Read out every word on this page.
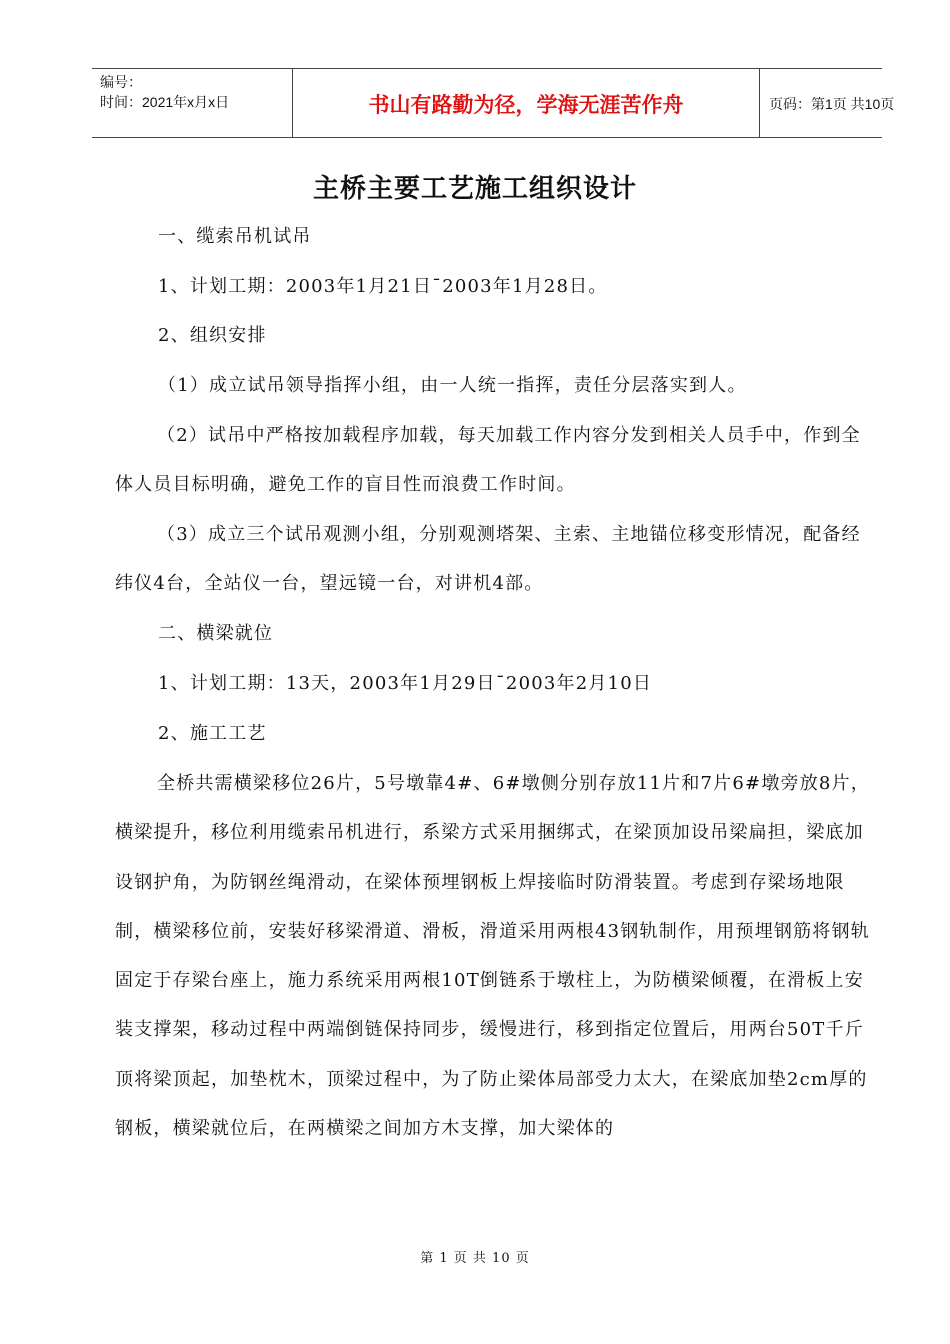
编号：
时间：2021年x月x日	书山有路勤为径，学海无涯苦作舟	页码：第1页 共10页
主桥主要工艺施工组织设计

一、缆索吊机试吊

1、计划工期：2003年1月21日¯2003年1月28日。

2、组织安排

（1）成立试吊领导指挥小组，由一人统一指挥，责任分层落实到人。

（2）试吊中严格按加载程序加载，每天加载工作内容分发到相关人员手中，作到全体人员目标明确，避免工作的盲目性而浪费工作时间。

（3）成立三个试吊观测小组，分别观测塔架、主索、主地锚位移变形情况，配备经纬仪4台，全站仪一台，望远镜一台，对讲机4部。

二、横梁就位

1、计划工期：13天，2003年1月29日¯2003年2月10日

2、施工工艺

全桥共需横梁移位26片，5号墩靠4#、6#墩侧分别存放11片和7片6#墩旁放8片，横梁提升，移位利用缆索吊机进行，系梁方式采用捆绑式，在梁顶加设吊梁扁担，梁底加设钢护角，为防钢丝绳滑动，在梁体预埋钢板上焊接临时防滑装置。考虑到存梁场地限制，横梁移位前，安装好移梁滑道、滑板，滑道采用两根43钢轨制作，用预埋钢筋将钢轨固定于存梁台座上，施力系统采用两根10T倒链系于墩柱上，为防横梁倾覆，在滑板上安装支撑架，移动过程中两端倒链保持同步，缓慢进行，移到指定位置后，用两台50T千斤顶将梁顶起，加垫枕木，顶梁过程中，为了防止梁体局部受力太大，在梁底加垫2cm厚的钢板，横梁就位后，在两横梁之间加方木支撑，加大梁体的

第 1 页 共 10 页
